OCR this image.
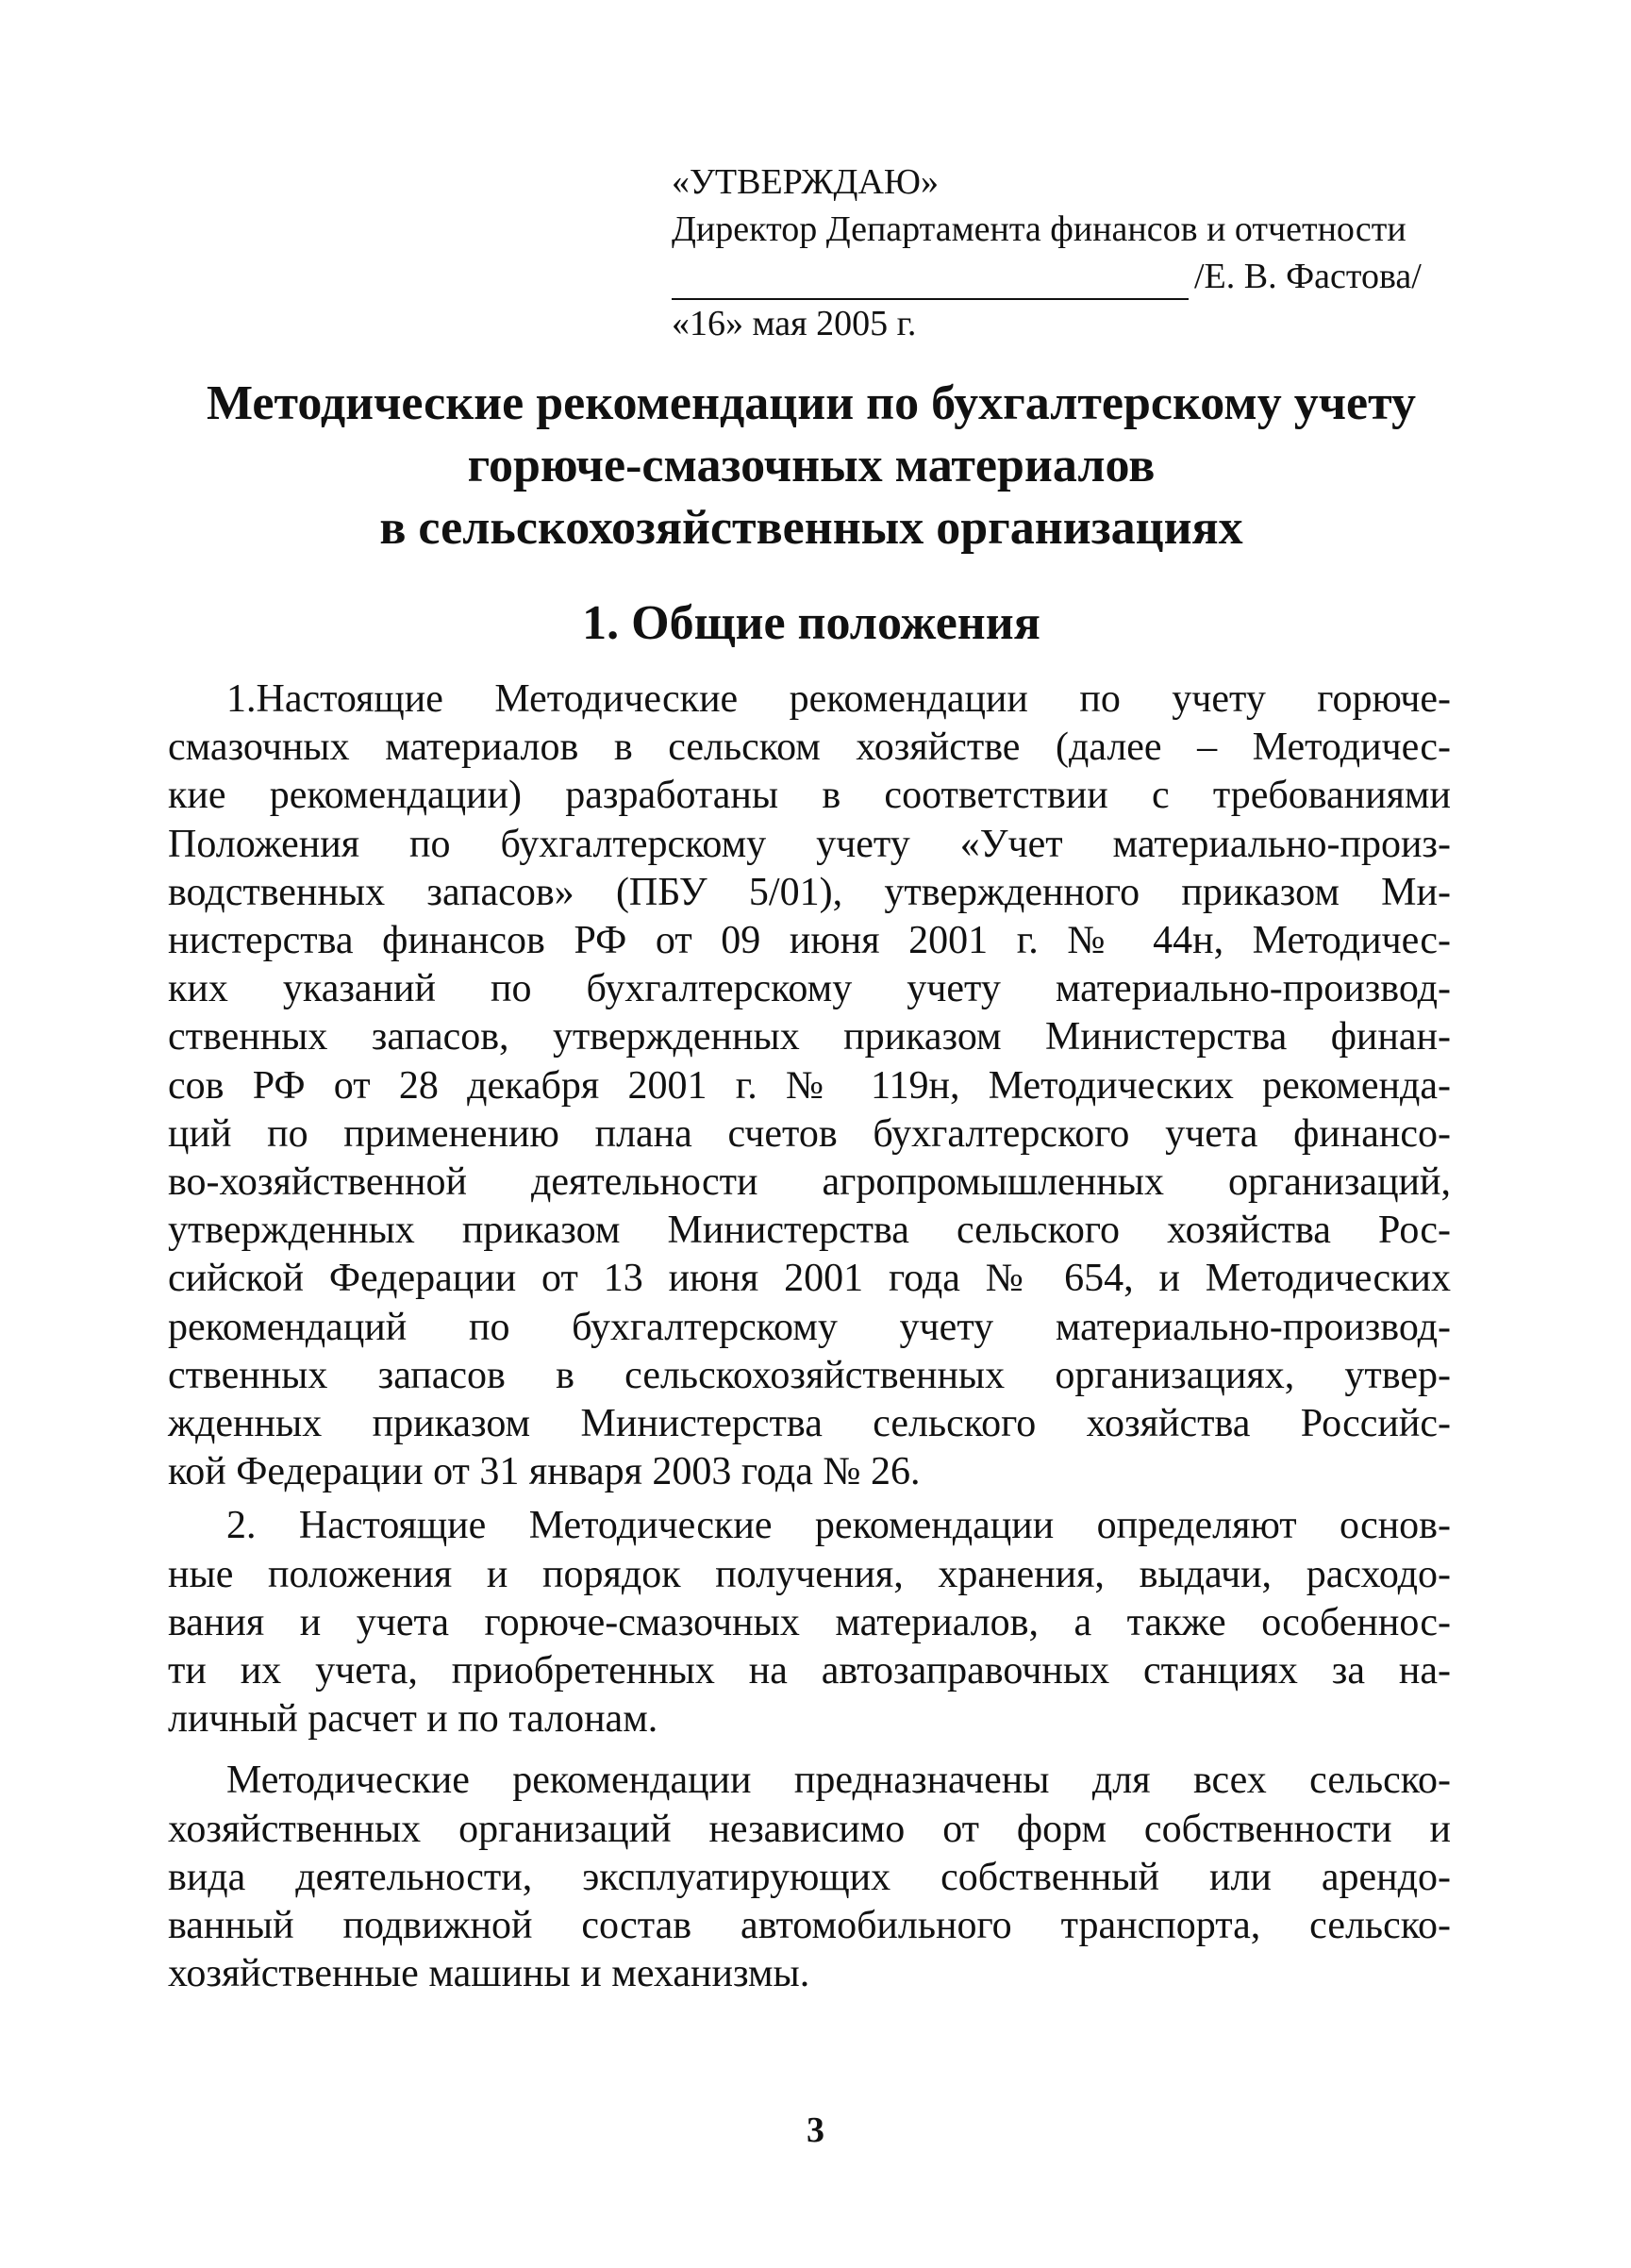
«УТВЕРЖДАЮ»
Директор Департамента финансов и отчетности
/Е. В. Фастова/
«16» мая 2005 г.
Методические рекомендации по бухгалтерскому учету
горюче-смазочных материалов
в сельскохозяйственных организациях
1. Общие положения

1.Настоящие Методические рекомендации по учету горюче-
смазочных материалов в сельском хозяйстве (далее – Методичес-
кие рекомендации) разработаны в соответствии с требованиями
Положения по бухгалтерскому учету «Учет материально-произ-
водственных запасов» (ПБУ 5/01), утвержденного приказом Ми-
нистерства финансов РФ от 09 июня 2001 г. № 44н, Методичес-
ких указаний по бухгалтерскому учету материально-производ-
ственных запасов, утвержденных приказом Министерства финан-
сов РФ от 28 декабря 2001 г. № 119н, Методических рекоменда-
ций по применению плана счетов бухгалтерского учета финансо-
во-хозяйственной деятельности агропромышленных организаций,
утвержденных приказом Министерства сельского хозяйства Рос-
сийской Федерации от 13 июня 2001 года № 654, и Методических
рекомендаций по бухгалтерскому учету материально-производ-
ственных запасов в сельскохозяйственных организациях, утвер-
жденных приказом Министерства сельского хозяйства Российс-
кой Федерации от 31 января 2003 года № 26.

2. Настоящие Методические рекомендации определяют основ-
ные положения и порядок получения, хранения, выдачи, расходо-
вания и учета горюче-смазочных материалов, а также особеннос-
ти их учета, приобретенных на автозаправочных станциях за на-
личный расчет и по талонам.

Методические рекомендации предназначены для всех сельско-
хозяйственных организаций независимо от форм собственности и
вида деятельности, эксплуатирующих собственный или арендо-
ванный подвижной состав автомобильного транспорта, сельско-
хозяйственные машины и механизмы.

3
